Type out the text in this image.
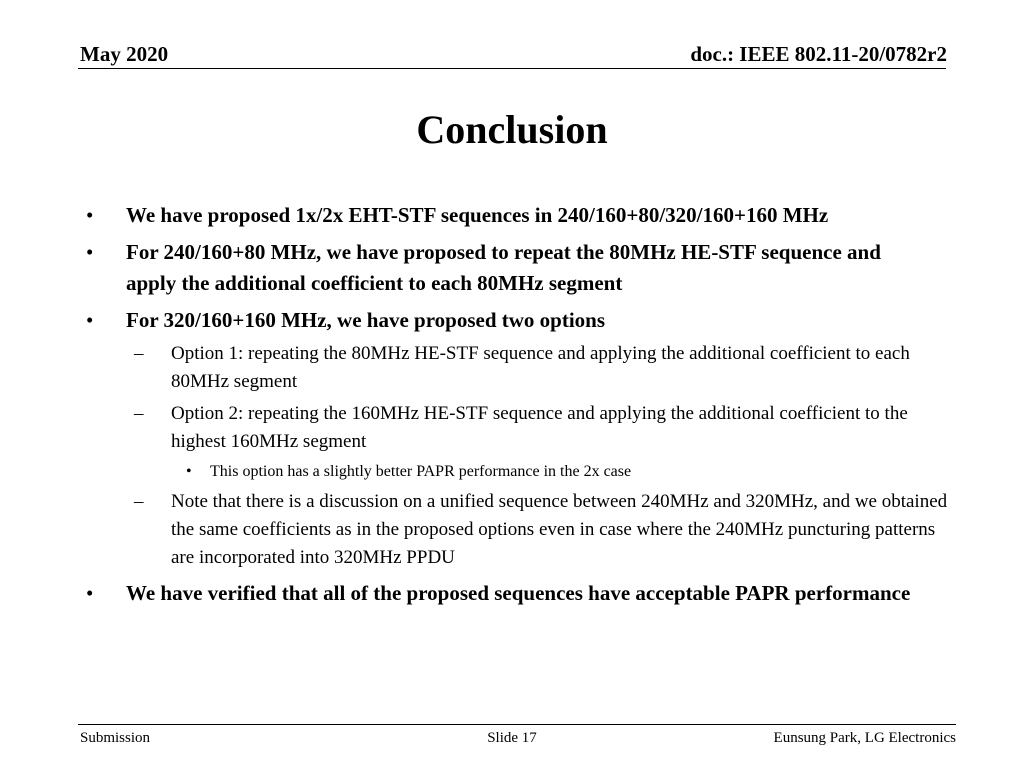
May 2020	doc.: IEEE 802.11-20/0782r2
Conclusion
• We have proposed 1x/2x EHT-STF sequences in 240/160+80/320/160+160 MHz
• For 240/160+80 MHz, we have proposed to repeat the 80MHz HE-STF sequence and apply the additional coefficient to each 80MHz segment
• For 320/160+160 MHz, we have proposed two options
– Option 1: repeating the 80MHz HE-STF sequence and applying the additional coefficient to each 80MHz segment
– Option 2: repeating the 160MHz HE-STF sequence and applying the additional coefficient to the highest 160MHz segment
• This option has a slightly better PAPR performance in the 2x case
– Note that there is a discussion on a unified sequence between 240MHz and 320MHz, and we obtained the same coefficients as in the proposed options even in case where the 240MHz puncturing patterns are incorporated into 320MHz PPDU
• We have verified that all of the proposed sequences have acceptable PAPR performance
Submission	Slide 17	Eunsung Park, LG Electronics
